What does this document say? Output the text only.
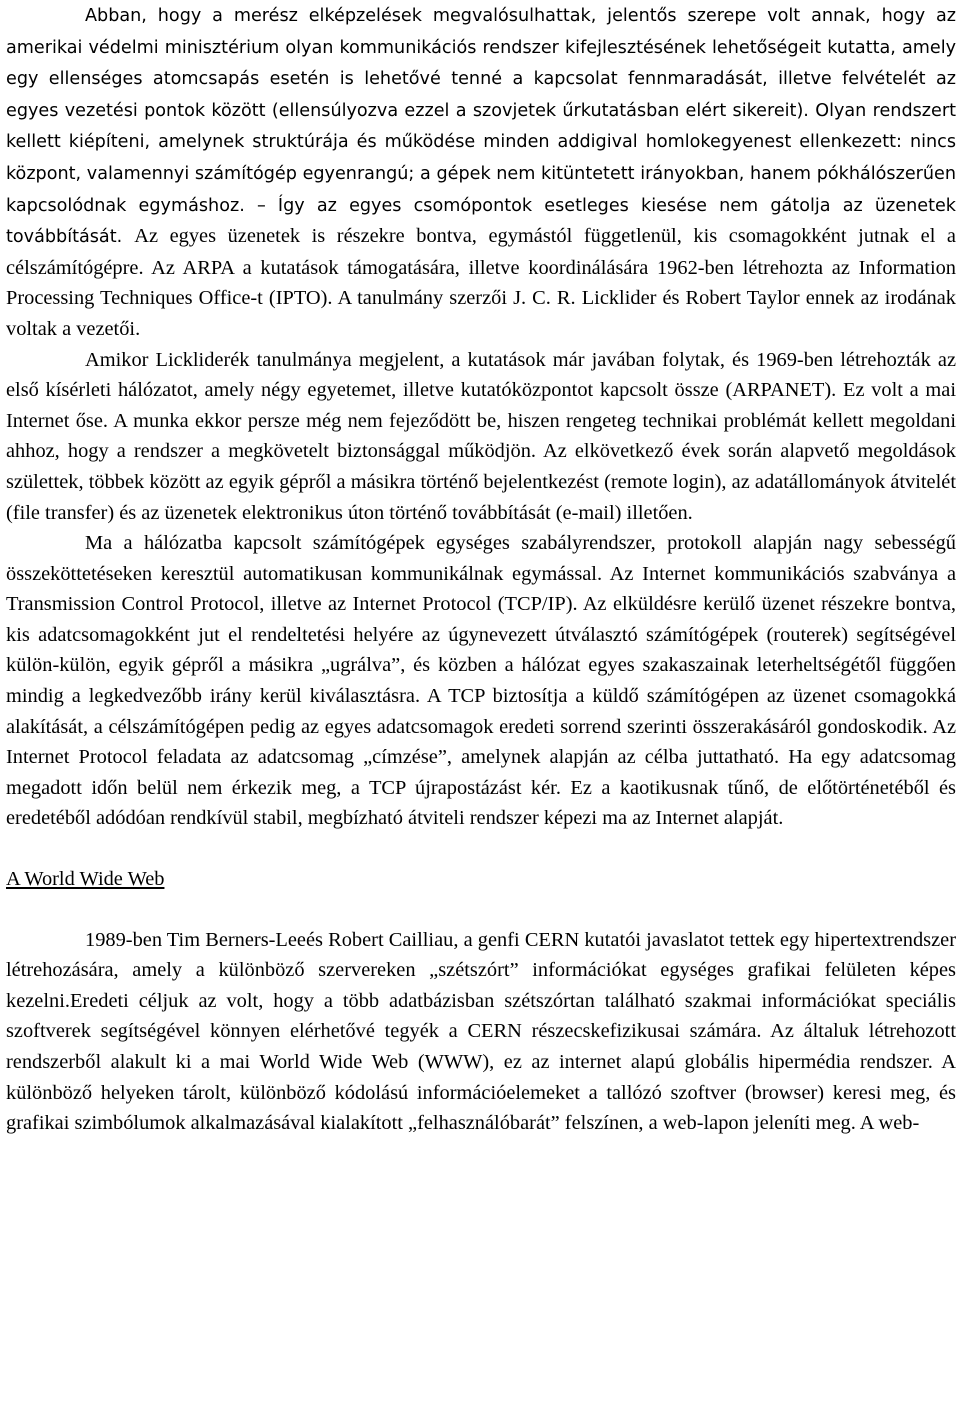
Abban, hogy a merész elképzelések megvalósulhattak, jelentős szerepe volt annak, hogy az amerikai védelmi minisztérium olyan kommunikációs rendszer kifejlesztésének lehetőségeit kutatta, amely egy ellenséges atomcsapás esetén is lehetővé tenné a kapcsolat fennmaradását, illetve felvételét az egyes vezetési pontok között (ellensúlyozva ezzel a szovjetek űrkutatásban elért sikereit). Olyan rendszert kellett kiépíteni, amelynek struktúrája és működése minden addigival homlokegyenest ellenkezett: nincs központ, valamennyi számítógép egyenrangú; a gépek nem kitüntetett irányokban, hanem pókhálószerűen kapcsolódnak egymáshoz. – Így az egyes csomópontok esetleges kiesése nem gátolja az üzenetek továbbítását. Az egyes üzenetek is részekre bontva, egymástól függetlenül, kis csomagokként jutnak el a célszámítógépre. Az ARPA a kutatások támogatására, illetve koordinálására 1962-ben létrehozta az Information Processing Techniques Office-t (IPTO). A tanulmány szerzői J. C. R. Licklider és Robert Taylor ennek az irodának voltak a vezetői.

Amikor Lickliderék tanulmánya megjelent, a kutatások már javában folytak, és 1969-ben létrehozták az első kísérleti hálózatot, amely négy egyetemet, illetve kutatóközpontot kapcsolt össze (ARPANET). Ez volt a mai Internet őse. A munka ekkor persze még nem fejeződött be, hiszen rengeteg technikai problémát kellett megoldani ahhoz, hogy a rendszer a megkövetelt biztonsággal működjön. Az elkövetkező évek során alapvető megoldások születtek, többek között az egyik gépről a másikra történő bejelentkezést (remote login), az adatállományok átvitelét (file transfer) és az üzenetek elektronikus úton történő továbbítását (e-mail) illetően.

Ma a hálózatba kapcsolt számítógépek egységes szabályrendszer, protokoll alapján nagy sebességű összeköttetéseken keresztül automatikusan kommunikálnak egymással. Az Internet kommunikációs szabványa a Transmission Control Protocol, illetve az Internet Protocol (TCP/IP). Az elküldésre kerülő üzenet részekre bontva, kis adatcsomagokként jut el rendeltetési helyére az úgynevezett útválasztó számítógépek (routerek) segítségével külön-külön, egyik gépről a másikra „ugrálva”, és közben a hálózat egyes szakaszainak leterheltségétől függően mindig a legkedvezőbb irány kerül kiválasztásra. A TCP biztosítja a küldő számítógépen az üzenet csomagokká alakítását, a célszámítógépen pedig az egyes adatcsomagok eredeti sorrend szerinti összerakásáról gondoskodik. Az Internet Protocol feladata az adatcsomag „címzése”, amelynek alapján az célba juttatható. Ha egy adatcsomag megadott időn belül nem érkezik meg, a TCP újrapostázást kér. Ez a kaotikusnak tűnő, de előtörténetéből és eredetéből adódóan rendkívül stabil, megbízható átviteli rendszer képezi ma az Internet alapját.

A World Wide Web

1989-ben Tim Berners-Leeés Robert Cailliau, a genfi CERN kutatói javaslatot tettek egy hipertextrendszer létrehozására, amely a különböző szervereken „szétszórt” információkat egységes grafikai felületen képes kezelni.Eredeti céljuk az volt, hogy a több adatbázisban szétszórtan található szakmai információkat speciális szoftverek segítségével könnyen elérhetővé tegyék a CERN részecskefizikusai számára. Az általuk létrehozott rendszerből alakult ki a mai World Wide Web (WWW), ez az internet alapú globális hipermédia rendszer. A különböző helyeken tárolt, különböző kódolású információelemeket a tallózó szoftver (browser) keresi meg, és grafikai szimbólumok alkalmazásával kialakított „felhasználóbarát” felszínen, a web-lapon jeleníti meg. A web-
